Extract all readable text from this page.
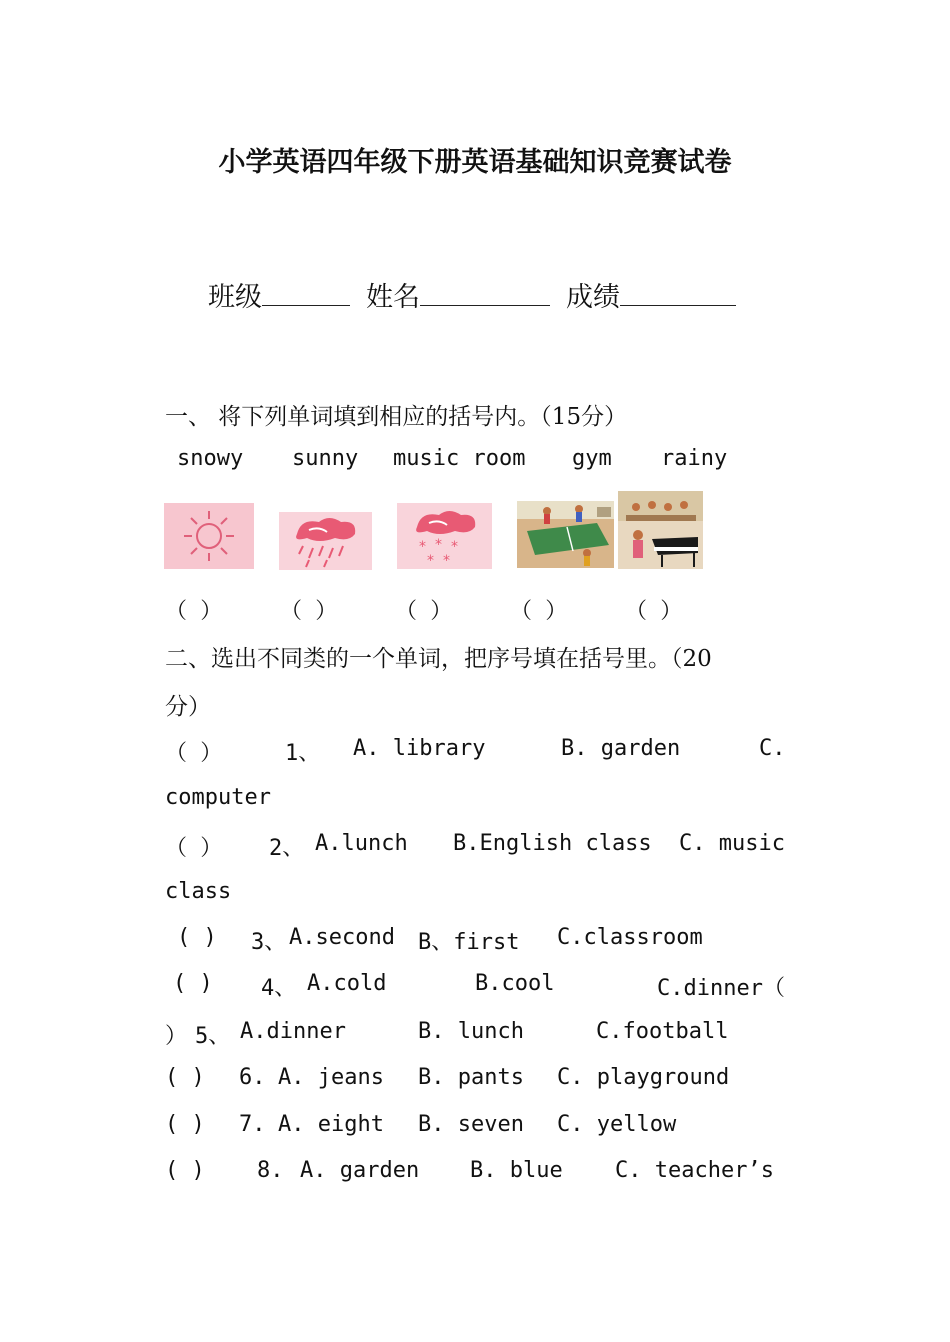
小学英语四年级下册英语基础知识竞赛试卷
班级	姓名	成绩
一、 将下列单词填到相应的括号内。（15分）
snowy sunny music room gym rainy
* * *
* *
（ ）	（ ）	（ ）	（ ）	（ ）
二、选出不同类的一个单词，把序号填在括号里。（20
分）
（ ）	1、 A. library	B. garden	C.
computer
（ ） 2、 A.lunch B.English class C. music
class
( ) 3、 A.second B、first C.classroom
( ) 4、 A.cold	B.cool	C.dinner（
） 5、 A.dinner	B. lunch	C.football
( ) 6. A. jeans B. pants C. playground
( ) 7. A. eight B. seven C. yellow
( ) 8. A. garden B. blue C. teacher’s
